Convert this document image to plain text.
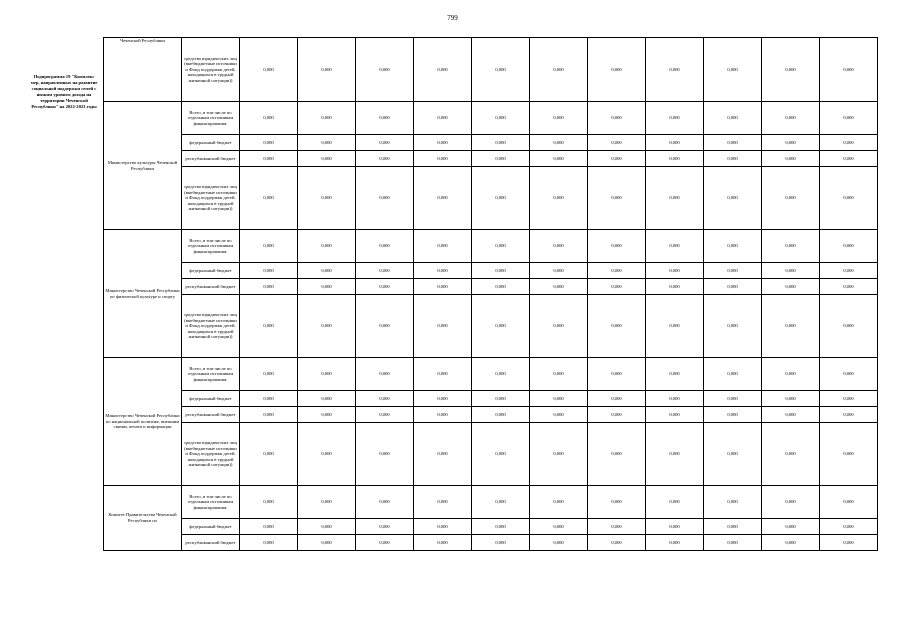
799
Подпрограмма 19 "Комплекс мер, направленных на развитие социальной поддержки семей с низким уровнем дохода на территории Чеченской Республики" на 2022-2023 годы
Чеченской Республики	средства юридических лиц (внебюджетные источники и Фонд поддержки детей, находящихся в трудной жизненной ситуации))	0,000	0,000	0,000	0,000	0,000	0,000	0,000	0,000	0,000	0,000	0,000
Министерство культуры Чеченской Республики	Всего, в том числе по отдельным источникам финансирования:	0,000	0,000	0,000	0,000	0,000	0,000	0,000	0,000	0,000	0,000	0,000
	федеральный бюджет	0,000	0,000	0,000	0,000	0,000	0,000	0,000	0,000	0,000	0,000	0,000
	республиканский бюджет	0,000	0,000	0,000	0,000	0,000	0,000	0,000	0,000	0,000	0,000	0,000
	средства юридических лиц (внебюджетные источники и Фонд поддержки детей, находящихся в трудной жизненной ситуации))	0,000	0,000	0,000	0,000	0,000	0,000	0,000	0,000	0,000	0,000	0,000
Министерство Чеченской Республики по физической культуре и спорту	Всего, в том числе по отдельным источникам финансирования:	0,000	0,000	0,000	0,000	0,000	0,000	0,000	0,000	0,000	0,000	0,000
	федеральный бюджет	0,000	0,000	0,000	0,000	0,000	0,000	0,000	0,000	0,000	0,000	0,000
	республиканский бюджет	0,000	0,000	0,000	0,000	0,000	0,000	0,000	0,000	0,000	0,000	0,000
	средства юридических лиц (внебюджетные источники и Фонд поддержки детей, находящихся в трудной жизненной ситуации))	0,000	0,000	0,000	0,000	0,000	0,000	0,000	0,000	0,000	0,000	0,000
Министерство Чеченской Республики по национальной политике, внешним связям, печати и информации	Всего, в том числе по отдельным источникам финансирования:	0,000	0,000	0,000	0,000	0,000	0,000	0,000	0,000	0,000	0,000	0,000
	федеральный бюджет	0,000	0,000	0,000	0,000	0,000	0,000	0,000	0,000	0,000	0,000	0,000
	республиканский бюджет	0,000	0,000	0,000	0,000	0,000	0,000	0,000	0,000	0,000	0,000	0,000
	средства юридических лиц (внебюджетные источники и Фонд поддержки детей, находящихся в трудной жизненной ситуации))	0,000	0,000	0,000	0,000	0,000	0,000	0,000	0,000	0,000	0,000	0,000
Комитет Правительства Чеченской Республики по	Всего, в том числе по отдельным источникам финансирования:	0,000	0,000	0,000	0,000	0,000	0,000	0,000	0,000	0,000	0,000	0,000
	федеральный бюджет	0,000	0,000	0,000	0,000	0,000	0,000	0,000	0,000	0,000	0,000	0,000
	республиканский бюджет	0,000	0,000	0,000	0,000	0,000	0,000	0,000	0,000	0,000	0,000	0,000
